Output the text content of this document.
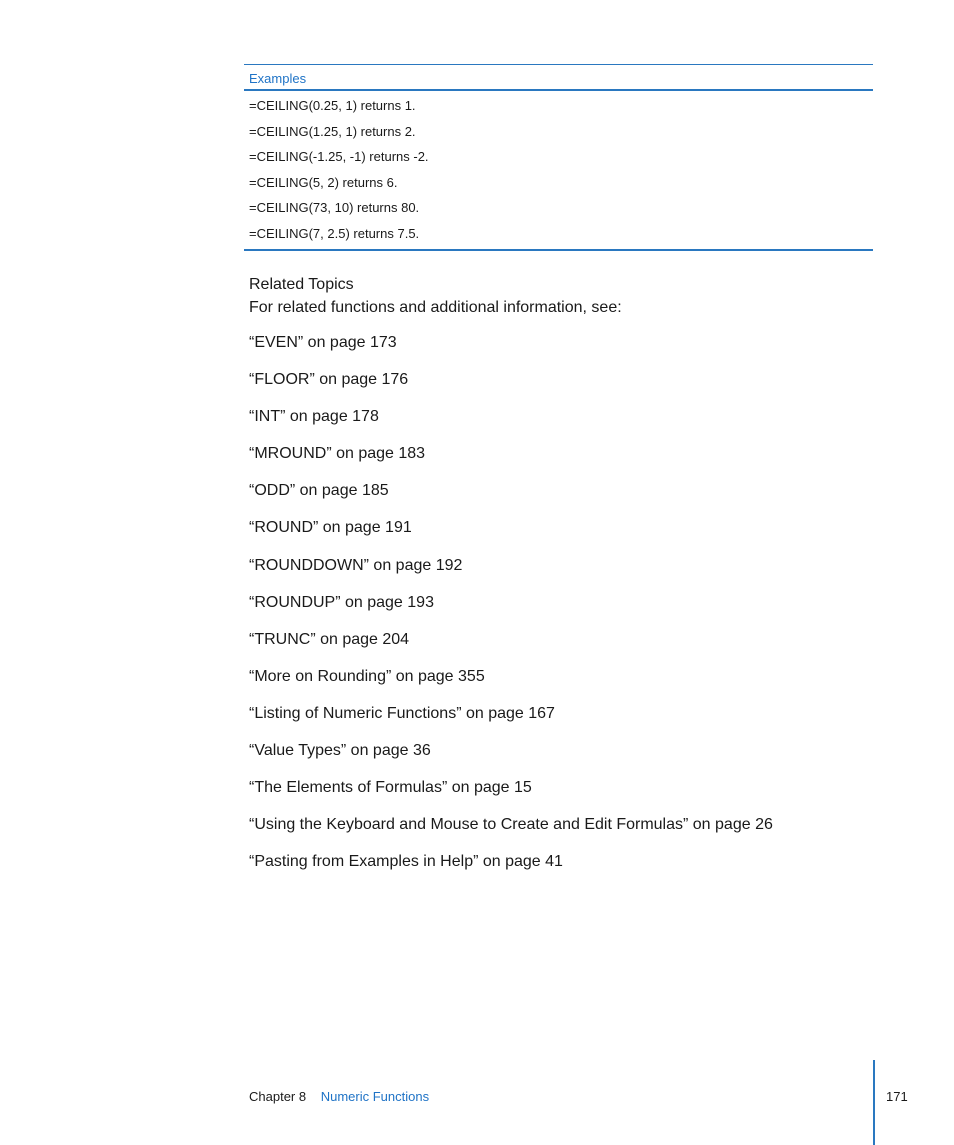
Examples
=CEILING(0.25, 1) returns 1.
=CEILING(1.25, 1) returns 2.
=CEILING(-1.25, -1) returns -2.
=CEILING(5, 2) returns 6.
=CEILING(73, 10) returns 80.
=CEILING(7, 2.5) returns 7.5.
Related Topics
For related functions and additional information, see:
“EVEN” on page 173
“FLOOR” on page 176
“INT” on page 178
“MROUND” on page 183
“ODD” on page 185
“ROUND” on page 191
“ROUNDDOWN” on page 192
“ROUNDUP” on page 193
“TRUNC” on page 204
“More on Rounding” on page 355
“Listing of Numeric Functions” on page 167
“Value Types” on page 36
“The Elements of Formulas” on page 15
“Using the Keyboard and Mouse to Create and Edit Formulas” on page 26
“Pasting from Examples in Help” on page 41
Chapter 8 Numeric Functions	171
